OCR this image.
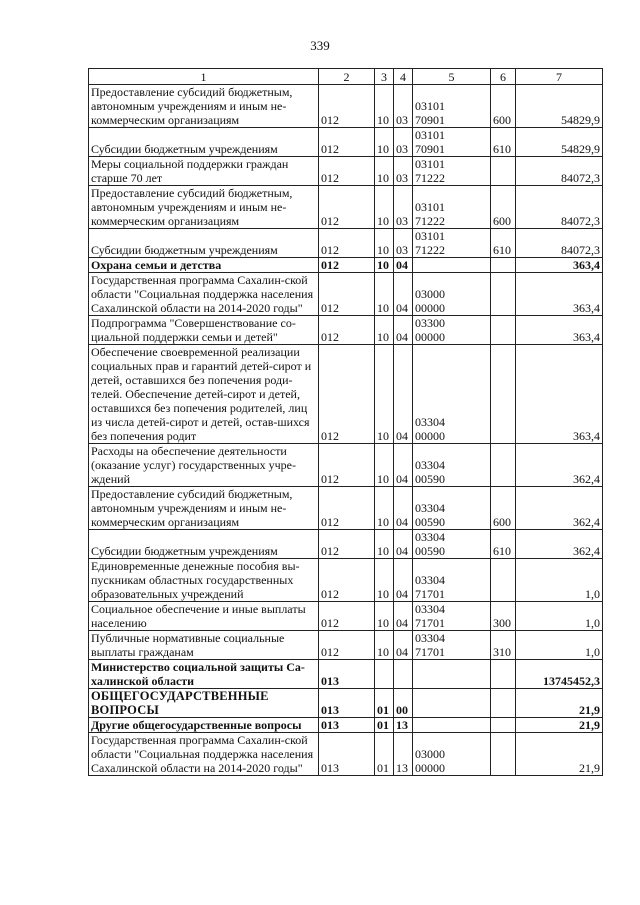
339
1	2	3	4	5	6	7
Предоставление субсидий бюджетным, автономным учреждениям и иным не-коммерческим организациям	012	10	03	0310170901	600	54829,9
Субсидии бюджетным учреждениям	012	10	03	0310170901	610	54829,9
Меры социальной поддержки граждан старше 70 лет	012	10	03	0310171222		84072,3
Предоставление субсидий бюджетным, автономным учреждениям и иным не-коммерческим организациям	012	10	03	0310171222	600	84072,3
Субсидии бюджетным учреждениям	012	10	03	0310171222	610	84072,3
Охрана семьи и детства	012	10	04			363,4
Государственная программа Сахалин-ской области "Социальная поддержка населения Сахалинской области на 2014-2020 годы"	012	10	04	0300000000		363,4
Подпрограмма "Совершенствование со-циальной поддержки семьи и детей"	012	10	04	0330000000		363,4
Обеспечение своевременной реализации социальных прав и гарантий детей-сирот и детей, оставшихся без попечения роди-телей. Обеспечение детей-сирот и детей, оставшихся без попечения родителей, лиц из числа детей-сирот и детей, остав-шихся без попечения родит	012	10	04	0330400000		363,4
Расходы на обеспечение деятельности (оказание услуг) государственных учре-ждений	012	10	04	0330400590		362,4
Предоставление субсидий бюджетным, автономным учреждениям и иным не-коммерческим организациям	012	10	04	0330400590	600	362,4
Субсидии бюджетным учреждениям	012	10	04	0330400590	610	362,4
Единовременные денежные пособия вы-пускникам областных государственных образовательных учреждений	012	10	04	0330471701		1,0
Социальное обеспечение и иные выплаты населению	012	10	04	0330471701	300	1,0
Публичные нормативные социальные выплаты гражданам	012	10	04	0330471701	310	1,0
Министерство социальной защиты Са-халинской области	013					13745452,3
ОБЩЕГОСУДАРСТВЕННЫЕ ВОПРОСЫ	013	01	00			21,9
Другие общегосударственные вопросы	013	01	13			21,9
Государственная программа Сахалин-ской области "Социальная поддержка населения Сахалинской области на 2014-2020 годы"	013	01	13	0300000000		21,9
